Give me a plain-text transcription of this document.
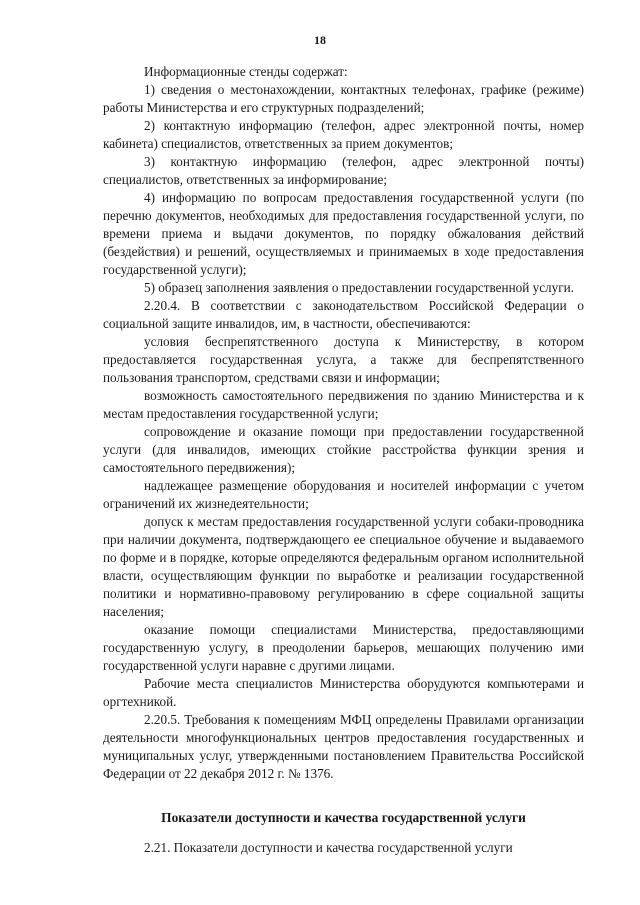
18

Информационные стенды содержат:

1) сведения о местонахождении, контактных телефонах, графике (режиме) работы Министерства и его структурных подразделений;

2) контактную информацию (телефон, адрес электронной почты, номер кабинета) специалистов, ответственных за прием документов;

3) контактную информацию (телефон, адрес электронной почты) специалистов, ответственных за информирование;

4) информацию по вопросам предоставления государственной услуги (по перечню документов, необходимых для предоставления государственной услуги, по времени приема и выдачи документов, по порядку обжалования действий (бездействия) и решений, осуществляемых и принимаемых в ходе предоставления государственной услуги);

5) образец заполнения заявления о предоставлении государственной услуги.

2.20.4. В соответствии с законодательством Российской Федерации о социальной защите инвалидов, им, в частности, обеспечиваются:

условия беспрепятственного доступа к Министерству, в котором предоставляется государственная услуга, а также для беспрепятственного пользования транспортом, средствами связи и информации;

возможность самостоятельного передвижения по зданию Министерства и к местам предоставления государственной услуги;

сопровождение и оказание помощи при предоставлении государственной услуги (для инвалидов, имеющих стойкие расстройства функции зрения и самостоятельного передвижения);

надлежащее размещение оборудования и носителей информации с учетом ограничений их жизнедеятельности;

допуск к местам предоставления государственной услуги собаки-проводника при наличии документа, подтверждающего ее специальное обучение и выдаваемого по форме и в порядке, которые определяются федеральным органом исполнительной власти, осуществляющим функции по выработке и реализации государственной политики и нормативно-правовому регулированию в сфере социальной защиты населения;

оказание помощи специалистами Министерства, предоставляющими государственную услугу, в преодолении барьеров, мешающих получению ими государственной услуги наравне с другими лицами.

Рабочие места специалистов Министерства оборудуются компьютерами и оргтехникой.

2.20.5. Требования к помещениям МФЦ определены Правилами организации деятельности многофункциональных центров предоставления государственных и муниципальных услуг, утвержденными постановлением Правительства Российской Федерации от 22 декабря 2012 г. № 1376.

Показатели доступности и качества государственной услуги

2.21. Показатели доступности и качества государственной услуги
